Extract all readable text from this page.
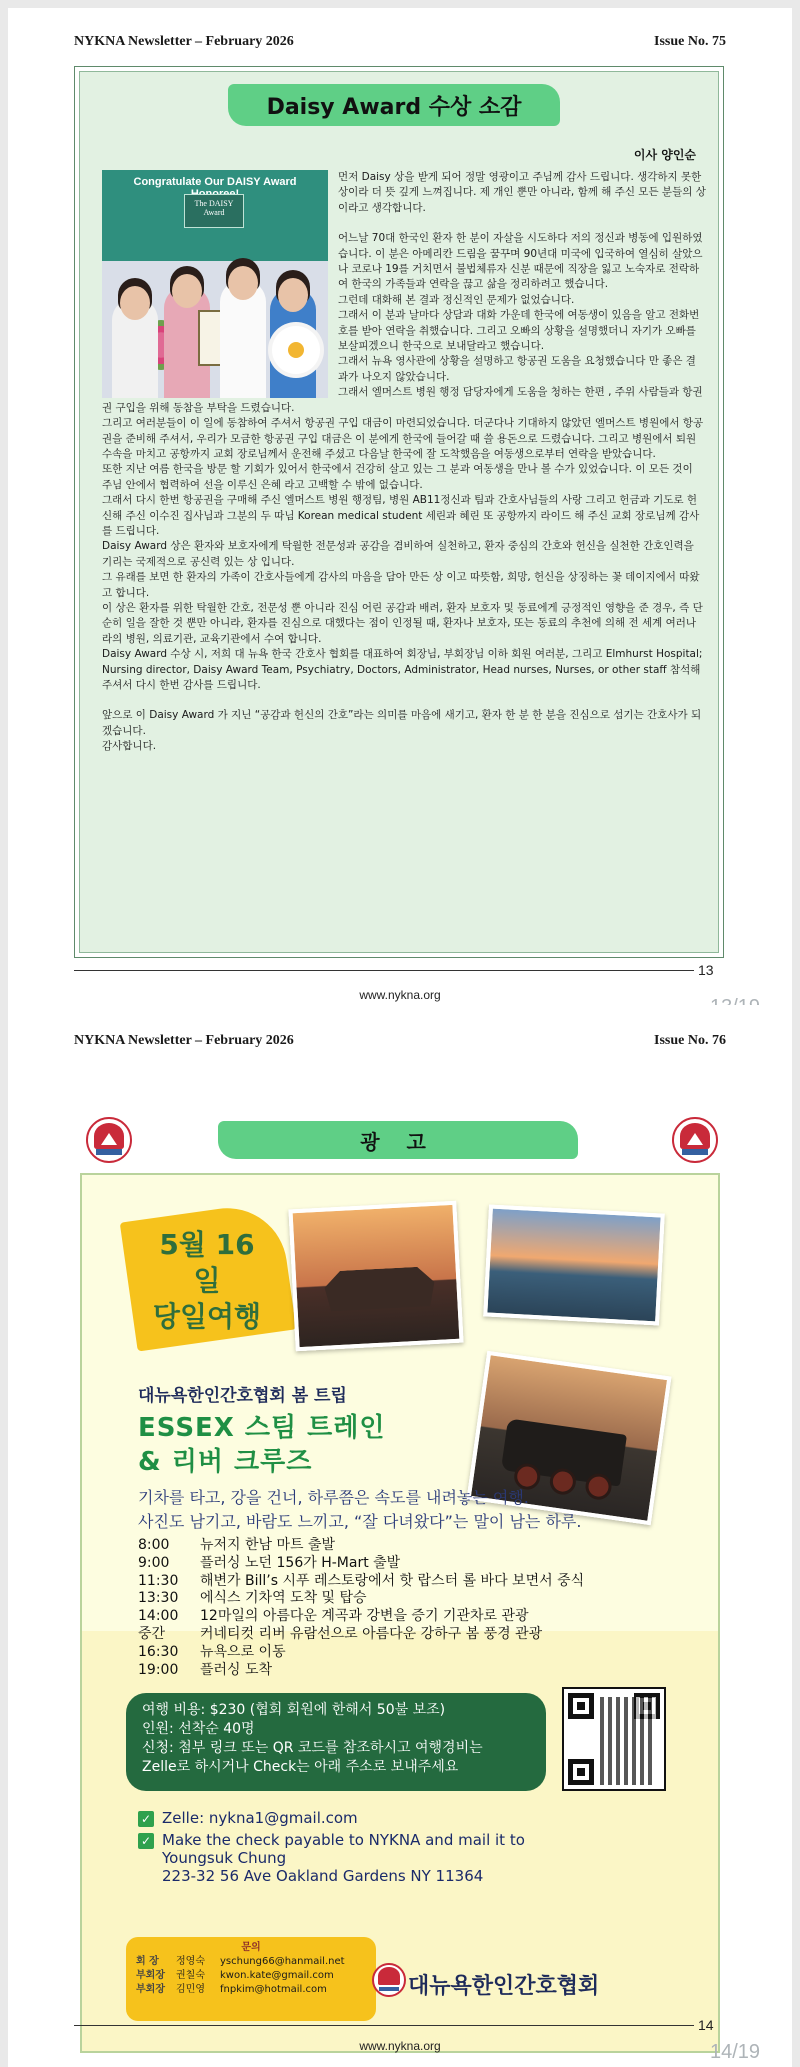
NYKNA Newsletter – February 2026	Issue No. 75
Daisy Award 수상 소감
이사 양인순
Congratulate Our DAISY Award
The DAISY Award

먼저 Daisy 상을 받게 되어 정말 영광이고 주님께 감사 드립니다. 생각하지 못한 상이라 더 뜻 깊게 느껴집니다. 제 개인 뿐만 아니라, 함께 해 주신 모든 분들의 상이라고 생각합니다.

어느날 70대 한국인 환자 한 분이 자살을 시도하다 저의 정신과 병동에 입원하였습니다. 이 분은 아메리칸 드림을 꿈꾸며 90년대 미국에 입국하여 열심히 살았으나 코로나 19를 거치면서 불법체류자 신분 때문에 직장을 잃고 노숙자로 전락하여 한국의 가족들과 연락을 끊고 삶을 정리하려고 했습니다.

그런데 대화해 본 결과 정신적인 문제가 없었습니다.

그래서 이 분과 날마다 상담과 대화 가운데 한국에 여동생이 있음을 알고 전화번호를 받아 연락을 취했습니다. 그리고 오빠의 상황을 설명했더니 자기가 오빠를 보살피겠으니 한국으로 보내달라고 했습니다.

그래서 뉴욕 영사관에 상황을 설명하고 항공권 도움을 요청했습니다 만 좋은 결과가 나오지 않았습니다.

그래서 엘머스트 병원 행정 담당자에게 도움을 청하는 한편 , 주위 사람들과 항권권 구입을 위해 동참을 부탁을 드렸습니다.

그리고 여러분들이 이 일에 동참하여 주셔서 항공권 구입 대금이 마련되었습니다. 더군다나 기대하지 않았던 엘머스트 병원에서 항공권을 준비해 주셔서, 우리가 모금한 항공권 구입 대금은 이 분에게 한국에 들어갈 때 쓸 용돈으로 드렸습니다. 그리고 병원에서 퇴원수속을 마치고 공항까지 교회 장로님께서 운전해 주셨고 다음날 한국에 잘 도착했음을 여동생으로부터 연락을 받았습니다.

또한 지난 여름 한국을 방문 할 기회가 있어서 한국에서 건강히 살고 있는 그 분과 여동생을 만나 볼 수가 있었습니다. 이 모든 것이 주님 안에서 협력하여 선을 이루신 은혜 라고 고백할 수 밖에 없습니다.

그래서 다시 한번 항공권을 구매해 주신 엘머스트 병원 행정팀, 병원 AB11정신과 팀과 간호사님들의 사랑 그리고 헌금과 기도로 헌신해 주신 이수진 집사님과 그분의 두 따님 Korean medical student 세린과 혜린 또 공항까지 라이드 해 주신 교회 장로님께 감사를 드립니다.

Daisy Award 상은 환자와 보호자에게 탁월한 전문성과 공감을 겸비하여 실천하고, 환자 중심의 간호와 헌신을 실천한 간호인력을 기리는 국제적으로 공신력 있는 상 입니다.

그 유래를 보면 한 환자의 가족이 간호사들에게 감사의 마음을 담아 만든 상 이고 따뜻함, 희망, 헌신을 상징하는 꽃 데이지에서 따왔고 합니다.

이 상은 환자를 위한 탁월한 간호, 전문성 뿐 아니라 진심 어린 공감과 배려, 환자 보호자 및 동료에게 긍정적인 영향을 준 경우, 즉 단순히 일을 잘한 것 뿐만 아니라, 환자를 진심으로 대했다는 점이 인정될 때, 환자나 보호자, 또는 동료의 추천에 의해 전 세계 여러나라의 병원, 의료기관, 교육기관에서 수여 합니다.

Daisy Award 수상 시, 저희 대 뉴욕 한국 간호사 협회를 대표하여 회장님, 부회장님 이하 회원 여러분, 그리고 Elmhurst Hospital; Nursing director, Daisy Award Team, Psychiatry, Doctors, Administrator, Head nurses, Nurses, or other staff 참석해 주셔서 다시 한번 감사를 드립니다.

앞으로 이 Daisy Award 가 지닌 “공감과 헌신의 간호”라는 의미를 마음에 새기고, 환자 한 분 한 분을 진심으로 섬기는 간호사가 되겠습니다.

감사합니다.

13
www.nykna.org
NYKNA Newsletter – February 2026	Issue No. 76
광 고
5월 16일
당일여행
대뉴욕한인간호협회 봄 트립
ESSEX 스팀 트레인
& 리버 크루즈
기차를 타고, 강을 건너, 하루쯤은 속도를 내려놓는 여행.
사진도 남기고, 바람도 느끼고, “잘 다녀왔다”는 말이 남는 하루.
8:00	뉴저지 한남 마트 출발
9:00	플러싱 노던 156가 H-Mart 출발
11:30	해변가 Bill’s 시푸 레스토랑에서 핫 랍스터 롤 바다 보면서 중식
13:30	에식스 기차역 도착 및 탑승
14:00	12마일의 아름다운 계곡과 강변을 증기 기관차로 관광
중간	커네티컷 리버 유람선으로 아름다운 강하구 봄 풍경 관광
16:30	뉴욕으로 이동
19:00	플러싱 도착
여행 비용: $230 (협회 회원에 한해서 50불 보조)
인원: 선착순 40명
신청: 첨부 링크 또는 QR 코드를 참조하시고 여행경비는
Zelle로 하시거나 Check는 아래 주소로 보내주세요
✓ Zelle: nykna1@gmail.com
✓ Make the check payable to NYKNA and mail it to
Youngsuk Chung
223-32 56 Ave Oakland Gardens NY 11364
문의
회 장	정영숙	yschung66@hanmail.net
부회장	권칠숙	kwon.kate@gmail.com
부회장	김민영	fnpkim@hotmail.com	대뉴욕한인간호협회
14
www.nykna.org	14/19
